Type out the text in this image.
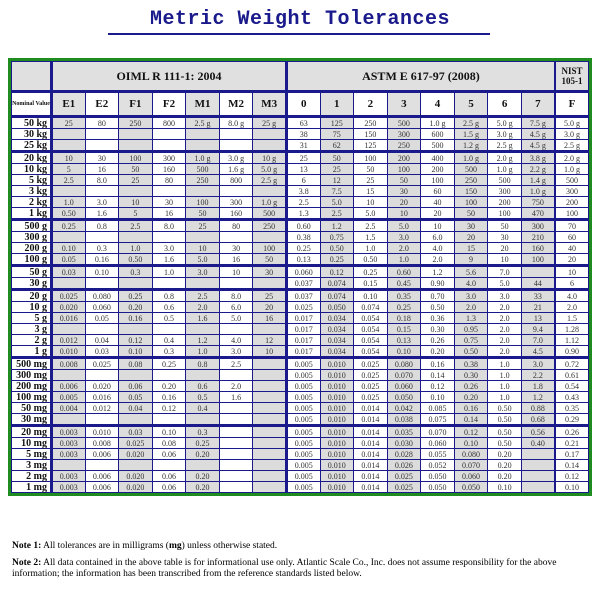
Metric Weight Tolerances
	OIML R 111-1: 2004							ASTM E 617-97 (2008)								NIST 105-1
Nominal Value	E1	E2	F1	F2	M1	M2	M3	0	1	2	3	4	5	6	7	F
50 kg	25	80	250	800	2.5 g	8.0 g	25 g	63	125	250	500	1.0 g	2.5 g	5.0 g	7.5 g	5.0 g
30 kg								38	75	150	300	600	1.5 g	3.0 g	4.5 g	3.0 g
25 kg								31	62	125	250	500	1.2 g	2.5 g	4.5 g	2.5 g
20 kg	10	30	100	300	1.0 g	3.0 g	10 g	25	50	100	200	400	1.0 g	2.0 g	3.8 g	2.0 g
10 kg	5	16	50	160	500	1.6 g	5.0 g	13	25	50	100	200	500	1.0 g	2.2 g	1.0 g
5 kg	2.5	8.0	25	80	250	800	2.5 g	6	12	25	50	100	250	500	1.4 g	500
3 kg								3.8	7.5	15	30	60	150	300	1.0 g	300
2 kg	1.0	3.0	10	30	100	300	1.0 g	2.5	5.0	10	20	40	100	200	750	200
1 kg	0.50	1.6	5	16	50	160	500	1.3	2.5	5.0	10	20	50	100	470	100
500 g	0.25	0.8	2.5	8.0	25	80	250	0.60	1.2	2.5	5.0	10	30	50	300	70
300 g								0.38	0.75	1.5	3.0	6.0	20	30	210	60
200 g	0.10	0.3	1.0	3.0	10	30	100	0.25	0.50	1.0	2.0	4.0	15	20	160	40
100 g	0.05	0.16	0.50	1.6	5.0	16	50	0.13	0.25	0.50	1.0	2.0	9	10	100	20
50 g	0.03	0.10	0.3	1.0	3.0	10	30	0.060	0.12	0.25	0.60	1.2	5.6	7.0		10
30 g								0.037	0.074	0.15	0.45	0.90	4.0	5.0	44	6
20 g	0.025	0.080	0.25	0.8	2.5	8.0	25	0.037	0.074	0.10	0.35	0.70	3.0	3.0	33	4.0
10 g	0.020	0.060	0.20	0.6	2.0	6.0	20	0.025	0.050	0.074	0.25	0.50	2.0	2.0	21	2.0
5 g	0.016	0.05	0.16	0.5	1.6	5.0	16	0.017	0.034	0.054	0.18	0.36	1.3	2.0	13	1.5
3 g								0.017	0.034	0.054	0.15	0.30	0.95	2.0	9.4	1.28
2 g	0.012	0.04	0.12	0.4	1.2	4.0	12	0.017	0.034	0.054	0.13	0.26	0.75	2.0	7.0	1.12
1 g	0.010	0.03	0.10	0.3	1.0	3.0	10	0.017	0.034	0.054	0.10	0.20	0.50	2.0	4.5	0.90
500 mg	0.008	0.025	0.08	0.25	0.8	2.5		0.005	0.010	0.025	0.080	0.16	0.38	1.0	3.0	0.72
300 mg								0.005	0.010	0.025	0.070	0.14	0.30	1.0	2.2	0.61
200 mg	0.006	0.020	0.06	0.20	0.6	2.0		0.005	0.010	0.025	0.060	0.12	0.26	1.0	1.8	0.54
100 mg	0.005	0.016	0.05	0.16	0.5	1.6		0.005	0.010	0.025	0.050	0.10	0.20	1.0	1.2	0.43
50 mg	0.004	0.012	0.04	0.12	0.4			0.005	0.010	0.014	0.042	0.085	0.16	0.50	0.88	0.35
30 mg								0.005	0.010	0.014	0.038	0.075	0.14	0.50	0.68	0.29
20 mg	0.003	0.010	0.03	0.10	0.3			0.005	0.010	0.014	0.035	0.070	0.12	0.50	0.56	0.26
10 mg	0.003	0.008	0.025	0.08	0.25			0.005	0.010	0.014	0.030	0.060	0.10	0.50	0.40	0.21
5 mg	0.003	0.006	0.020	0.06	0.20			0.005	0.010	0.014	0.028	0.055	0.080	0.20		0.17
3 mg								0.005	0.010	0.014	0.026	0.052	0.070	0.20		0.14
2 mg	0.003	0.006	0.020	0.06	0.20			0.005	0.010	0.014	0.025	0.050	0.060	0.20		0.12
1 mg	0.003	0.006	0.020	0.06	0.20			0.005	0.010	0.014	0.025	0.050	0.050	0.10		0.10

Note 1: All tolerances are in milligrams (mg) unless otherwise stated.

Note 2: All data contained in the above table is for informational use only. Atlantic Scale Co., Inc. does not assume responsibility for the above information; the information has been transcribed from the reference standards listed below.
